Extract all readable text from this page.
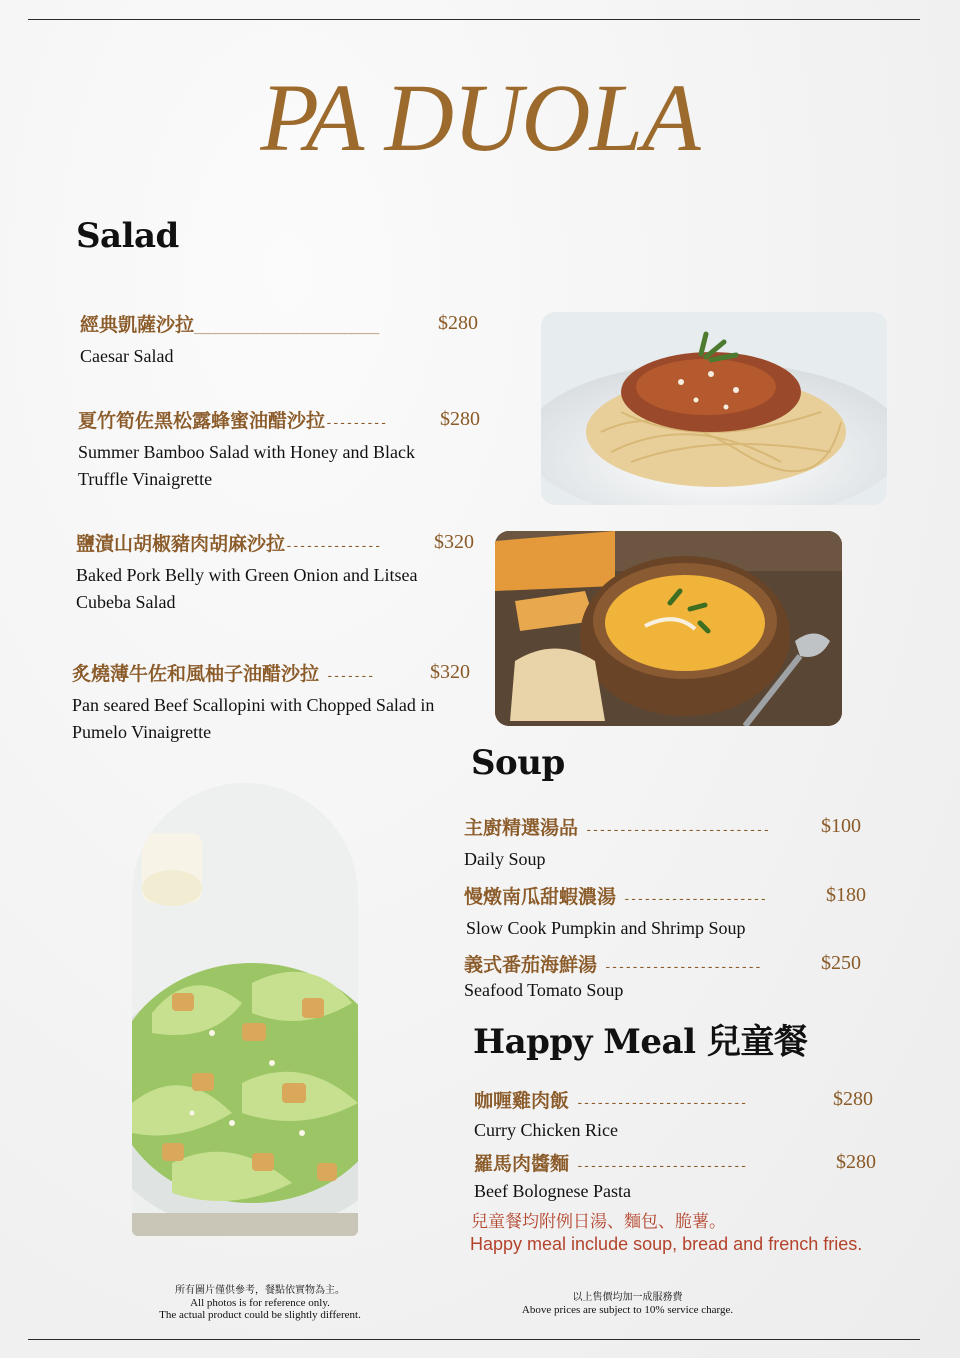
PA DUOLA
Salad
經典凱薩沙拉___________________________	$280
Caesar Salad
夏竹筍佐黑松露蜂蜜油醋沙拉---------	$280
Summer Bamboo Salad with Honey and Black Truffle Vinaigrette
鹽漬山胡椒豬肉胡麻沙拉--------------	$320
Baked Pork Belly with Green Onion and Litsea Cubeba Salad
炙燒薄牛佐和風柚子油醋沙拉 -------	$320
Pan seared Beef Scallopini with Chopped Salad in Pumelo Vinaigrette
Soup
主廚精選湯品 ---------------------------	$100
Daily Soup
慢燉南瓜甜蝦濃湯 ---------------------	$180
Slow Cook Pumpkin and Shrimp Soup
義式番茄海鮮湯 -----------------------	$250
Seafood Tomato Soup
Happy Meal 兒童餐
咖喱雞肉飯 -------------------------	$280
Curry Chicken Rice
羅馬肉醬麵 -------------------------	$280
Beef Bolognese Pasta
兒童餐均附例日湯、麵包、脆薯。
Happy meal include soup, bread and french fries.
所有圖片僅供參考，餐點依實物為主。
All photos is for reference only.
The actual product could be slightly different.
以上售價均加一成服務費
Above prices are subject to 10% service charge.
